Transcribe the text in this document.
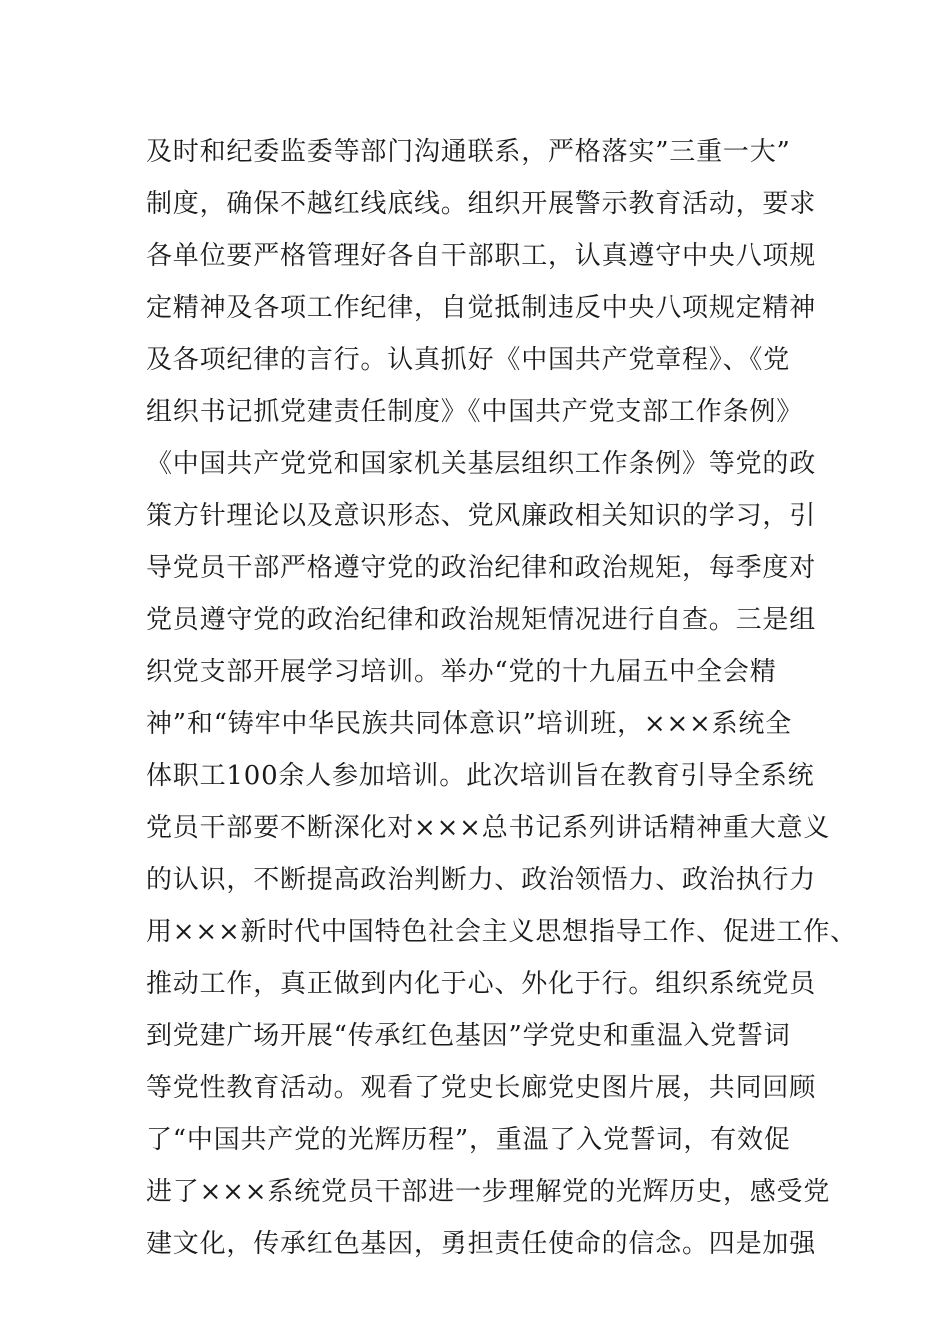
及时和纪委监委等部门沟通联系，严格落实”三重一大”
制度，确保不越红线底线。组织开展警示教育活动，要求
各单位要严格管理好各自干部职工，认真遵守中央八项规
定精神及各项工作纪律，自觉抵制违反中央八项规定精神
及各项纪律的言行。认真抓好《中国共产党章程》、《党
组织书记抓党建责任制度》《中国共产党支部工作条例》
《中国共产党党和国家机关基层组织工作条例》等党的政
策方针理论以及意识形态、党风廉政相关知识的学习，引
导党员干部严格遵守党的政治纪律和政治规矩，每季度对
党员遵守党的政治纪律和政治规矩情况进行自查。三是组
织党支部开展学习培训。举办“党的十九届五中全会精
神”和“铸牢中华民族共同体意识”培训班，×××系统全
体职工100余人参加培训。此次培训旨在教育引导全系统
党员干部要不断深化对×××总书记系列讲话精神重大意义
的认识，不断提高政治判断力、政治领悟力、政治执行力
用×××新时代中国特色社会主义思想指导工作、促进工作、
推动工作，真正做到内化于心、外化于行。组织系统党员
到党建广场开展“传承红色基因”学党史和重温入党誓词
等党性教育活动。观看了党史长廊党史图片展，共同回顾
了“中国共产党的光辉历程”，重温了入党誓词，有效促
进了×××系统党员干部进一步理解党的光辉历史，感受党
建文化，传承红色基因，勇担责任使命的信念。四是加强
